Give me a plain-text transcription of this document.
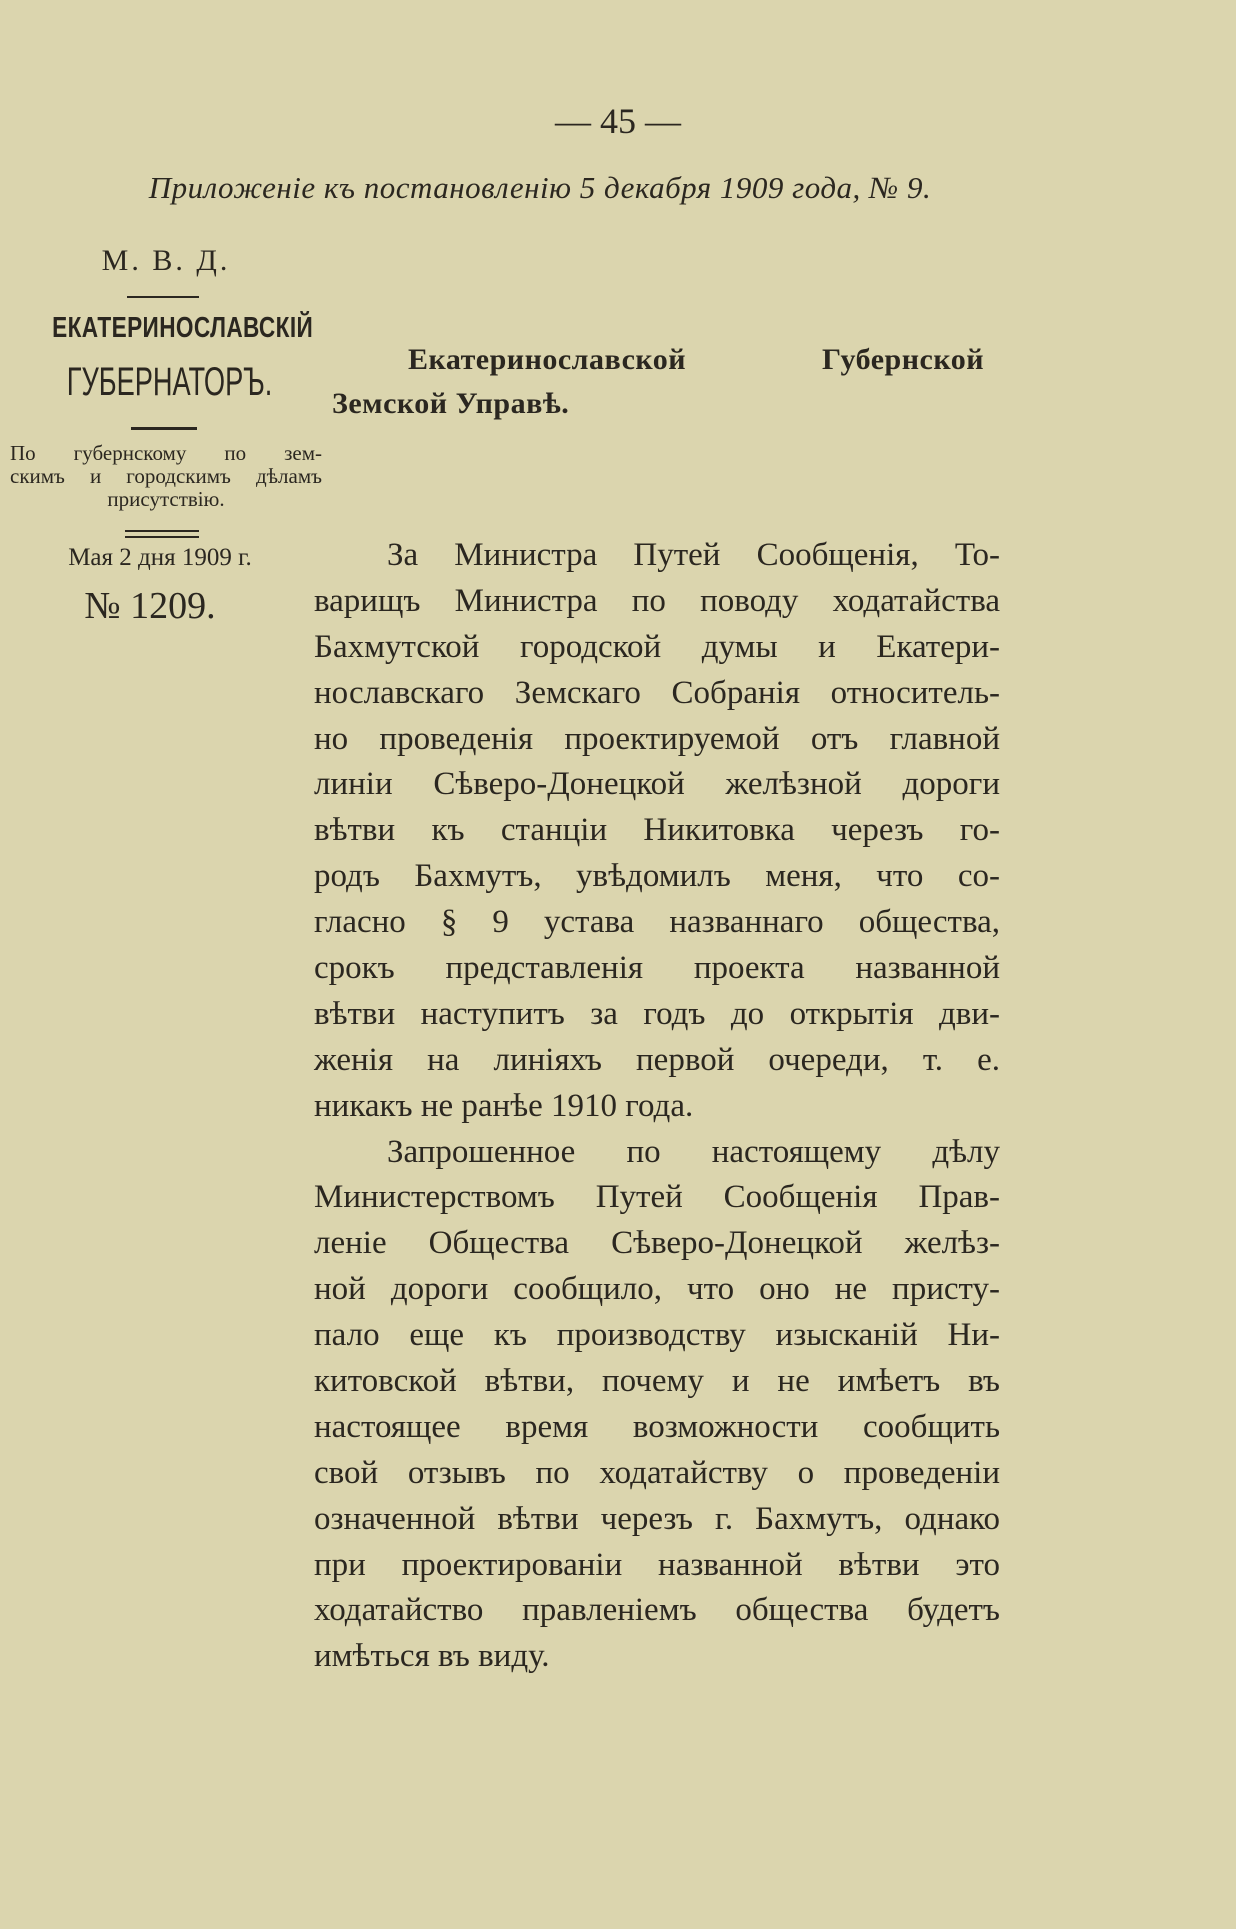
— 45 —
Приложеніе къ постановленію 5 декабря 1909 года, № 9.
М. В. Д.
ЕКАТЕРИНОСЛАВСКІЙ
ГУБЕРНАТОРЪ.
По губернскому по зем-
скимъ и городскимъ дѣламъ
присутствію.
Мая 2 дня 1909 г.
№ 1209.
Екатеринославской Губернской
Земской Управѣ.
За Министра Путей Сообщенія, То-
варищъ Министра по поводу ходатайства
Бахмутской городской думы и Екатери-
нославскаго Земскаго Собранія относитель-
но проведенія проектируемой отъ главной
линіи Сѣверо-Донецкой желѣзной дороги
вѣтви къ станціи Никитовка черезъ го-
родъ Бахмутъ, увѣдомилъ меня, что со-
гласно § 9 устава названнаго общества,
срокъ представленія проекта названной
вѣтви наступитъ за годъ до открытія дви-
женія на линіяхъ первой очереди, т. е.
никакъ не ранѣе 1910 года.
Запрошенное по настоящему дѣлу
Министерствомъ Путей Сообщенія Прав-
леніе Общества Сѣверо-Донецкой желѣз-
ной дороги сообщило, что оно не присту-
пало еще къ производству изысканій Ни-
китовской вѣтви, почему и не имѣетъ въ
настоящее время возможности сообщить
свой отзывъ по ходатайству о проведеніи
означенной вѣтви черезъ г. Бахмутъ, однако
при проектированіи названной вѣтви это
ходатайство правленіемъ общества будетъ
имѣться въ виду.
